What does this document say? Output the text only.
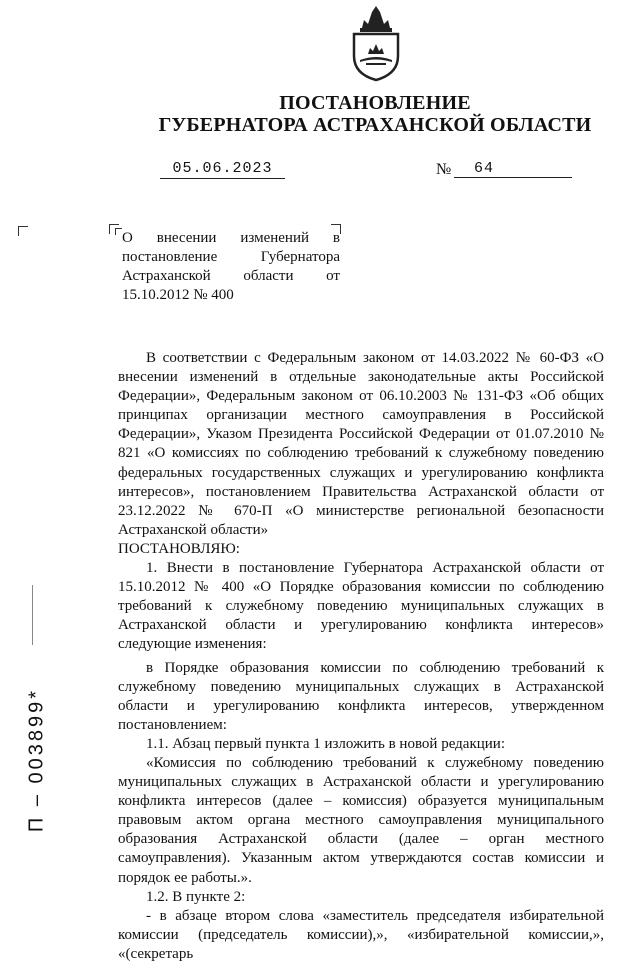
ПОСТАНОВЛЕНИЕ
ГУБЕРНАТОРА АСТРАХАНСКОЙ ОБЛАСТИ
05.06.2023	№	64
О внесении изменений в постановление Губернатора Астраханской области от 15.10.2012 № 400

В соответствии с Федеральным законом от 14.03.2022 № 60-ФЗ «О внесении изменений в отдельные законодательные акты Российской Федерации», Федеральным законом от 06.10.2003 № 131-ФЗ «Об общих принципах организации местного самоуправления в Российской Федерации», Указом Президента Российской Федерации от 01.07.2010 № 821 «О комиссиях по соблюдению требований к служебному поведению федеральных государственных служащих и урегулированию конфликта интересов», постановлением Правительства Астраханской области от 23.12.2022 № 670-П «О министерстве региональной безопасности Астраханской области»

ПОСТАНОВЛЯЮ:

1. Внести в постановление Губернатора Астраханской области от 15.10.2012 № 400 «О Порядке образования комиссии по соблюдению требований к служебному поведению муниципальных служащих в Астраханской области и урегулированию конфликта интересов» следующие изменения:

в Порядке образования комиссии по соблюдению требований к служебному поведению муниципальных служащих в Астраханской области и урегулированию конфликта интересов, утвержденном постановлением:

1.1. Абзац первый пункта 1 изложить в новой редакции:

«Комиссия по соблюдению требований к служебному поведению муниципальных служащих в Астраханской области и урегулированию конфликта интересов (далее – комиссия) образуется муниципальным правовым актом органа местного самоуправления муниципального образования Астраханской области (далее – орган местного самоуправления). Указанным актом утверждаются состав комиссии и порядок ее работы.».

1.2. В пункте 2:

- в абзаце втором слова «заместитель председателя избирательной комиссии (председатель комиссии),», «избирательной комиссии,», «(секретарь

П – 003899*
